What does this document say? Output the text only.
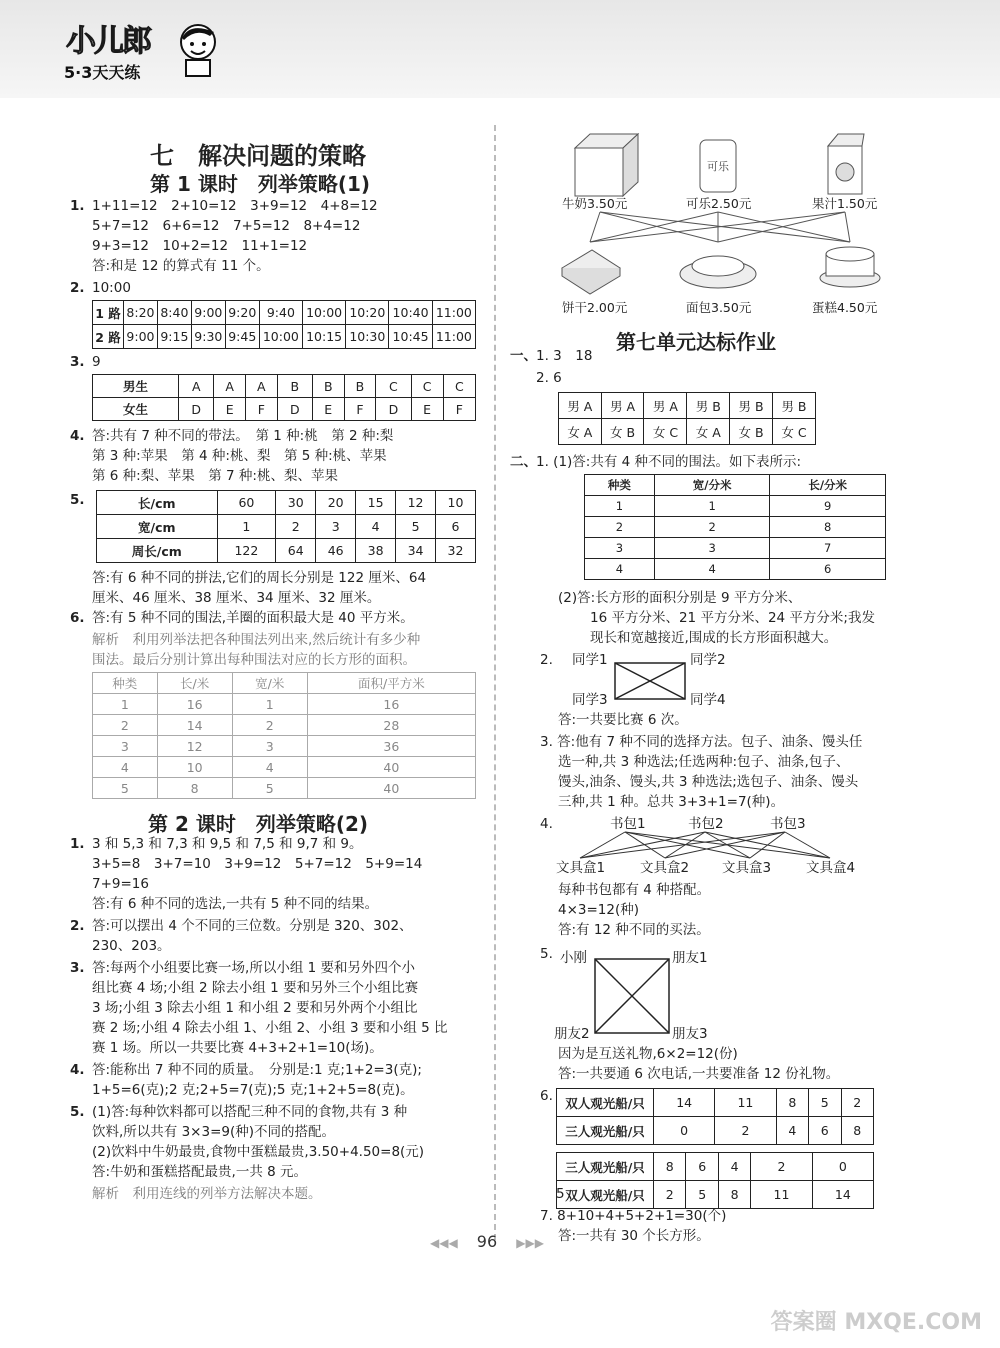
小儿郎
5·3天天练
七　解决问题的策略
第 1 课时　列举策略(1)
1. 1+11=12　2+10=12　3+9=12　4+8=12
5+7=12　6+6=12　7+5=12　8+4=12
9+3=12　10+2=12　11+1=12
答:和是 12 的算式有 11 个。
2. 10:00
1 路	8:20	8:40	9:00	9:20	9:40	10:00	10:20	10:40	11:00
2 路	9:00	9:15	9:30	9:45	10:00	10:15	10:30	10:45	11:00
3. 9
男生	A	A	A	B	B	B	C	C	C
女生	D	E	F	D	E	F	D	E	F
4. 答:共有 7 种不同的带法。　第 1 种:桃　第 2 种:梨
第 3 种:苹果　第 4 种:桃、梨　第 5 种:桃、苹果
第 6 种:梨、苹果　第 7 种:桃、梨、苹果
5.	长/cm	60	30	20	15	12	10
宽/cm	1	2	3	4	5	6
周长/cm	122	64	46	38	34	32
答:有 6 种不同的拼法,它们的周长分别是 122 厘米、64
厘米、46 厘米、38 厘米、34 厘米、32 厘米。
6. 答:有 5 种不同的围法,羊圈的面积最大是 40 平方米。
解析　利用列举法把各种围法列出来,然后统计有多少种
围法。最后分别计算出每种围法对应的长方形的面积。
种类	长/米	宽/米	面积/平方米
1	16	1	16
2	14	2	28
3	12	3	36
4	10	4	40
5	8	5	40
第 2 课时　列举策略(2)
1. 3 和 5,3 和 7,3 和 9,5 和 7,5 和 9,7 和 9。
3+5=8　3+7=10　3+9=12　5+7=12　5+9=14
7+9=16
答:有 6 种不同的选法,一共有 5 种不同的结果。
2. 答:可以摆出 4 个不同的三位数。分别是 320、302、
230、203。
3. 答:每两个小组要比赛一场,所以小组 1 要和另外四个小
组比赛 4 场;小组 2 除去小组 1 要和另外三个小组比赛
3 场;小组 3 除去小组 1 和小组 2 要和另外两个小组比
赛 2 场;小组 4 除去小组 1、小组 2、小组 3 要和小组 5 比
赛 1 场。所以一共要比赛 4+3+2+1=10(场)。
4. 答:能称出 7 种不同的质量。　分别是:1 克;1+2=3(克);
1+5=6(克);2 克;2+5=7(克);5 克;1+2+5=8(克)。
5. (1)答:每种饮料都可以搭配三种不同的食物,共有 3 种
饮料,所以共有 3×3=9(种)不同的搭配。
(2)饮料中牛奶最贵,食物中蛋糕最贵,3.50+4.50=8(元)
答:牛奶和蛋糕搭配最贵,一共 8 元。
解析　利用连线的列举方法解决本题。
可乐
牛奶3.50元	可乐2.50元	果汁1.50元
饼干2.00元	面包3.50元	蛋糕4.50元
第七单元达标作业
一、 1. 3　18
2. 6
男 A	男 A	男 A	男 B	男 B	男 B
女 A	女 B	女 C	女 A	女 B	女 C
二、 1. (1)答:共有 4 种不同的围法。如下表所示:
种类	宽/分米	长/分米
1	1	9
2	2	8
3	3	7
4	4	6
(2)答:长方形的面积分别是 9 平方分米、
16 平方分米、21 平方分米、24 平方分米;我发
现长和宽越接近,围成的长方形面积越大。
2. 同学1	同学2
同学3	同学4
答:一共要比赛 6 次。
3. 答:他有 7 种不同的选择方法。包子、油条、馒头任
选一种,共 3 种选法;任选两种:包子、油条,包子、
馒头,油条、馒头,共 3 种选法;选包子、油条、馒头
三种,共 1 种。总共 3+3+1=7(种)。
4.	书包1	书包2	书包3
文具盒1	文具盒2 文具盒3	文具盒4
每种书包都有 4 种搭配。
4×3=12(种)
答:有 12 种不同的买法。
5. 小刚	朋友1
朋友2	朋友3
因为是互送礼物,6×2=12(份)
答:一共要通 6 次电话,一共要准备 12 份礼物。
6. 双人观光船/只	14	11	8	5	2
三人观光船/只	0	2	4	6	8
三人观光船/只	8	6	4	2	0
双人观光船/只	2	5	8	11	14
5
7. 8+10+4+5+2+1=30(个)
答:一共有 30 个长方形。
◀◀◀ 96 ▶▶▶
答案圈 MXQE.COM
